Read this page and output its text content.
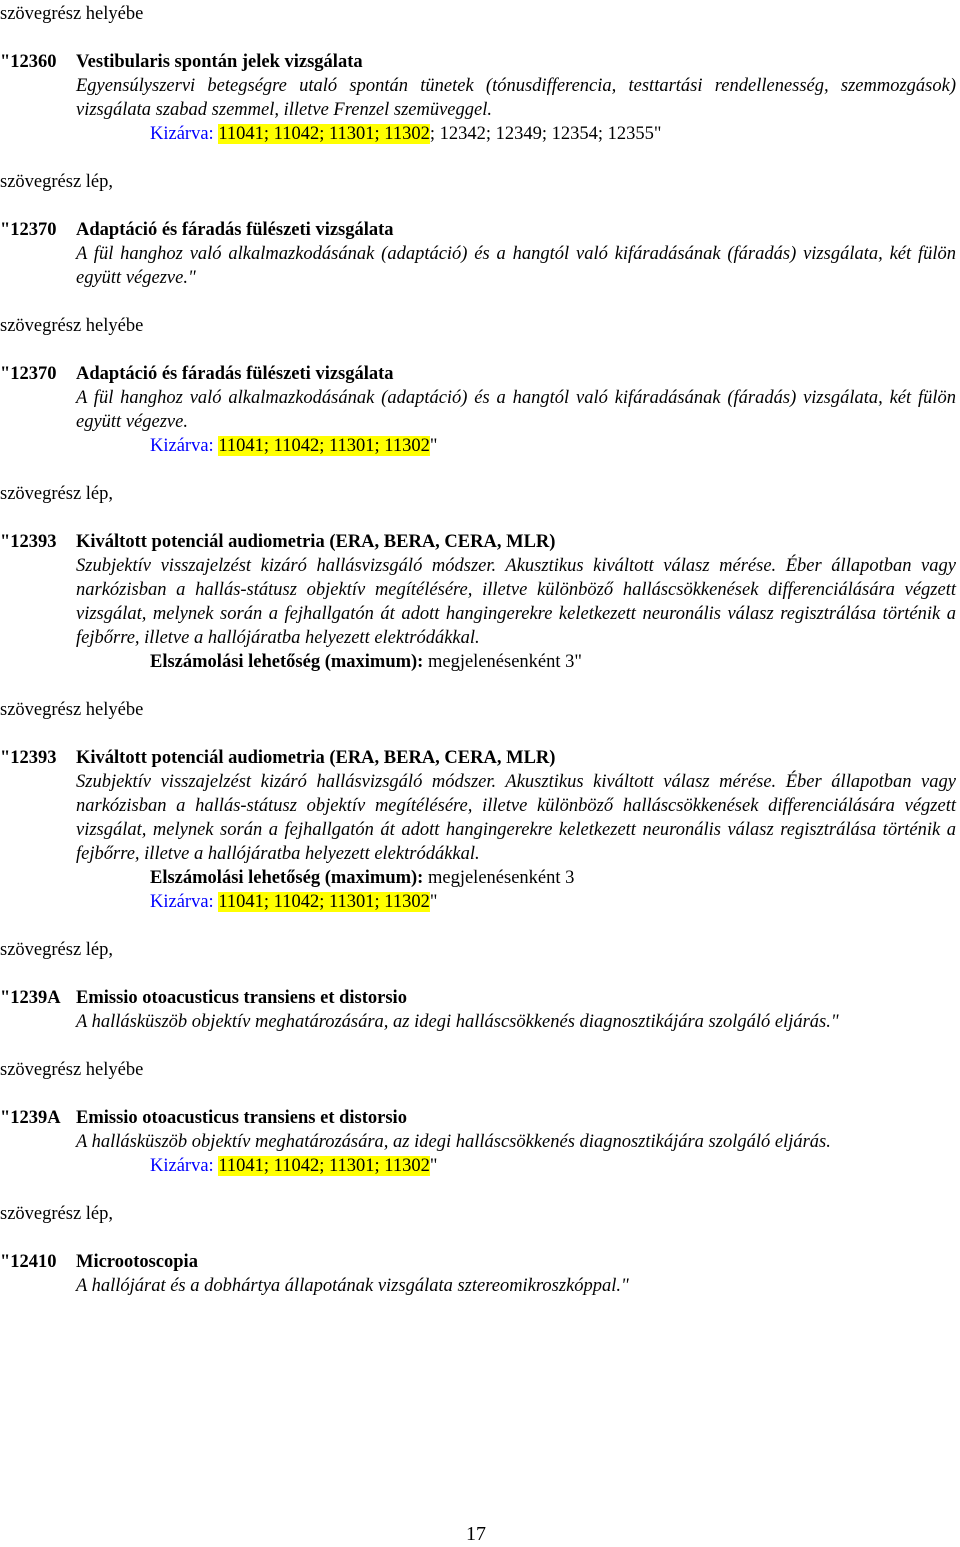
szövegrész helyébe
"12360 Vestibularis spontán jelek vizsgálata
Egyensúlyszervi betegségre utaló spontán tünetek (tónusdifferencia, testtartási rendellenesség, szemmozgások) vizsgálata szabad szemmel, illetve Frenzel szemüveggel.
Kizárva: 11041; 11042; 11301; 11302; 12342; 12349; 12354; 12355"
szövegrész lép,
"12370 Adaptáció és fáradás fülészeti vizsgálata
A fül hanghoz való alkalmazkodásának (adaptáció) és a hangtól való kifáradásának (fáradás) vizsgálata, két fülön együtt végezve."
szövegrész helyébe
"12370 Adaptáció és fáradás fülészeti vizsgálata
A fül hanghoz való alkalmazkodásának (adaptáció) és a hangtól való kifáradásának (fáradás) vizsgálata, két fülön együtt végezve.
Kizárva: 11041; 11042; 11301; 11302"
szövegrész lép,
"12393 Kiváltott potenciál audiometria (ERA, BERA, CERA, MLR)
Szubjektív visszajelzést kizáró hallásvizsgáló módszer. Akusztikus kiváltott válasz mérése. Éber állapotban vagy narkózisban a hallás-státusz objektív megítélésére, illetve különböző halláscsökkenések differenciálására végzett vizsgálat, melynek során a fejhallgatón át adott hangingerekre keletkezett neuronális válasz regisztrálása történik a fejbőrre, illetve a hallójáratba helyezett elektródákkal.
Elszámolási lehetőség (maximum): megjelenésenként 3"
szövegrész helyébe
"12393 Kiváltott potenciál audiometria (ERA, BERA, CERA, MLR)
Szubjektív visszajelzést kizáró hallásvizsgáló módszer. Akusztikus kiváltott válasz mérése. Éber állapotban vagy narkózisban a hallás-státusz objektív megítélésére, illetve különböző halláscsökkenések differenciálására végzett vizsgálat, melynek során a fejhallgatón át adott hangingerekre keletkezett neuronális válasz regisztrálása történik a fejbőrre, illetve a hallójáratba helyezett elektródákkal.
Elszámolási lehetőség (maximum): megjelenésenként 3
Kizárva: 11041; 11042; 11301; 11302"
szövegrész lép,
"1239A Emissio otoacusticus transiens et distorsio
A hallásküszöb objektív meghatározására, az idegi halláscsökkenés diagnosztikájára szolgáló eljárás."
szövegrész helyébe
"1239A Emissio otoacusticus transiens et distorsio
A hallásküszöb objektív meghatározására, az idegi halláscsökkenés diagnosztikájára szolgáló eljárás.
Kizárva: 11041; 11042; 11301; 11302"
szövegrész lép,
"12410 Microotoscopia
A hallójárat és a dobhártya állapotának vizsgálata sztereomikroszkóppal."
17
